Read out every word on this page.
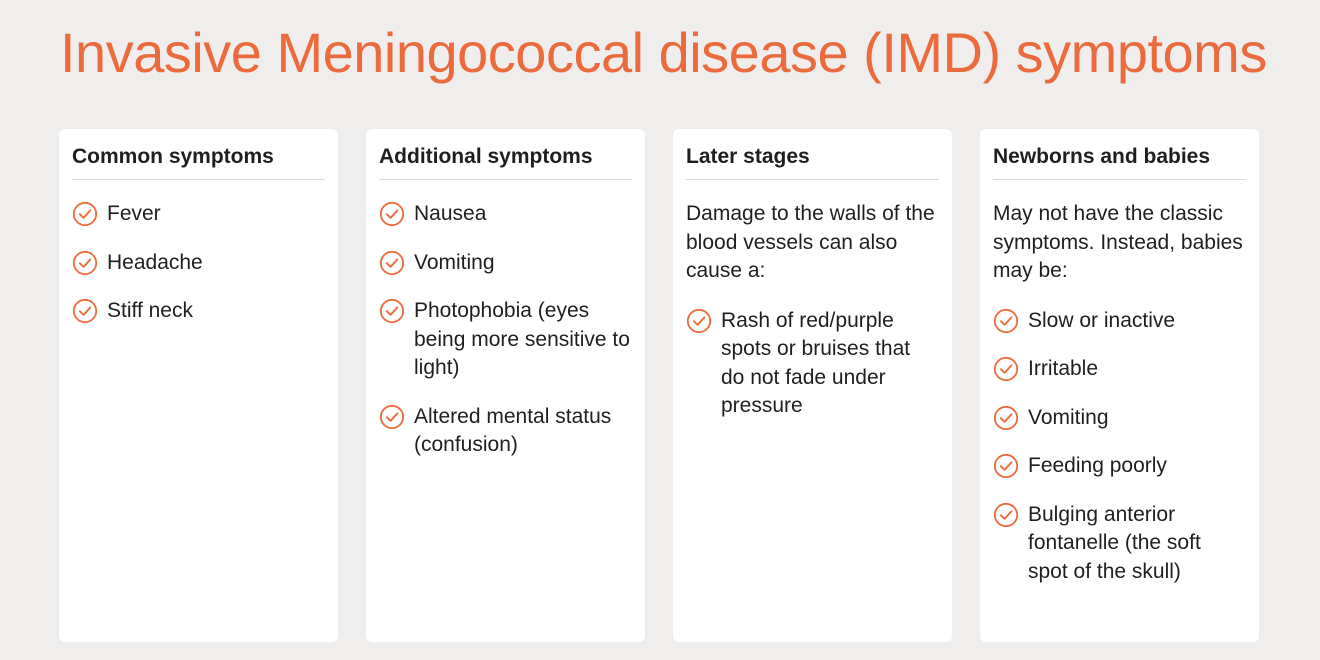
Invasive Meningococcal disease (IMD) symptoms
Common symptoms
Fever
Headache
Stiff neck
Additional symptoms
Nausea
Vomiting
Photophobia (eyes being more sensitive to light)
Altered mental status (confusion)
Later stages

Damage to the walls of the blood vessels can also cause a:

Rash of red/purple spots or bruises that do not fade under pressure
Newborns and babies

May not have the classic symptoms. Instead, babies may be:

Slow or inactive
Irritable
Vomiting
Feeding poorly
Bulging anterior fontanelle (the soft spot of the skull)
